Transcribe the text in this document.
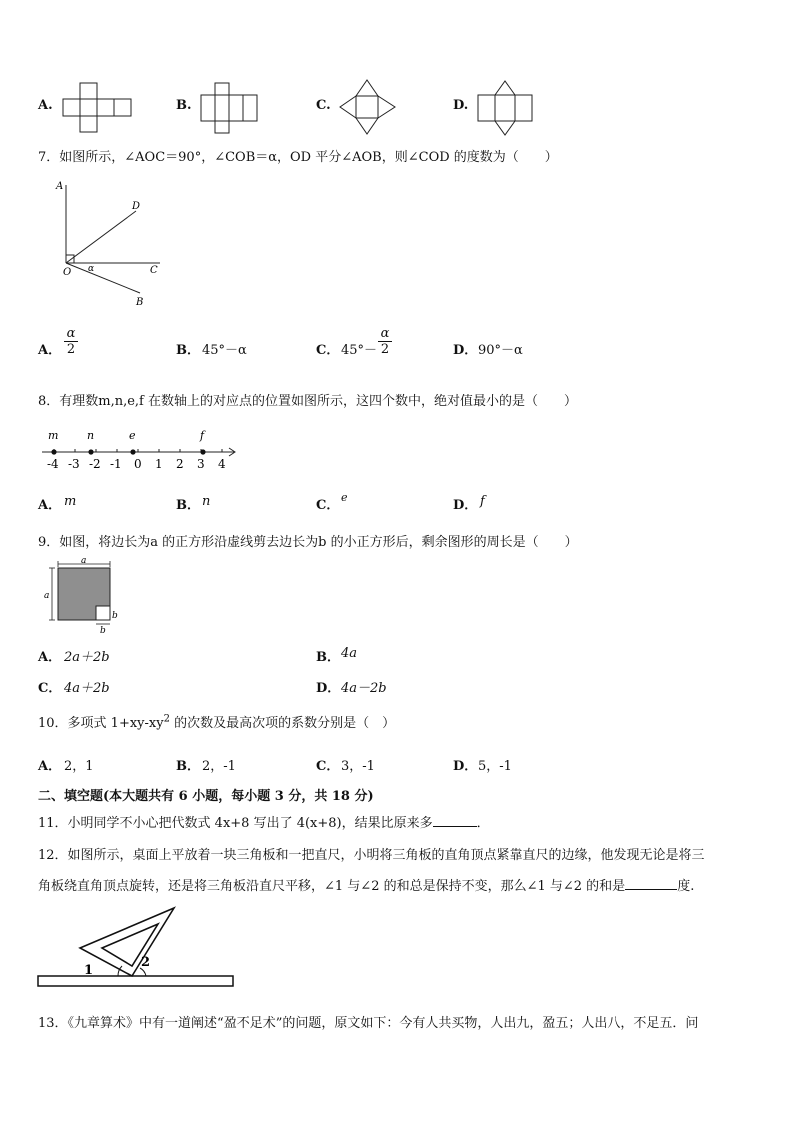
A.	B.	C.	D.
7．如图所示，∠AOC＝90°，∠COB＝α，OD 平分∠AOB，则∠COD 的度数为（　　）
A
D
O α	C
B
A．
α
2	B． 45°－α	C． 45°－
α
2	D． 90°－α
8．有理数m,n,e,f 在数轴上的对应点的位置如图所示，这四个数中，绝对值最小的是（　　）
m	n	e	f
-4 -3 -2 -1 0 1 2 3 4
A． m	B． n	C．
e
D． f
9．如图，将边长为a 的正方形沿虚线剪去边长为b 的小正方形后，剩余图形的周长是（　　）
a
a
b
b
A． 2a＋2b	B． 4a
C． 4a＋2b	D． 4a－2b
10．多项式 $1+xy-xy^2$ 的次数及最高次项的系数分别是（　）
A． 2，1	B． 2，-1	C． 3，-1	D． 5，-1
二、填空题(本大题共有 6 小题，每小题 3 分，共 18 分)
11．小明同学不小心把代数式 4x+8 写出了 4(x+8)，结果比原来多	．
12．如图所示，桌面上平放着一块三角板和一把直尺，小明将三角板的直角顶点紧靠直尺的边缘，他发现无论是将三
角板绕直角顶点旋转，还是将三角板沿直尺平移，∠1 与∠2 的和总是保持不变，那么∠1 与∠2 的和是	度.
1
2
13．《九章算术》中有一道阐述“盈不足术”的问题，原文如下：今有人共买物，人出九，盈五；人出八，不足五．问
